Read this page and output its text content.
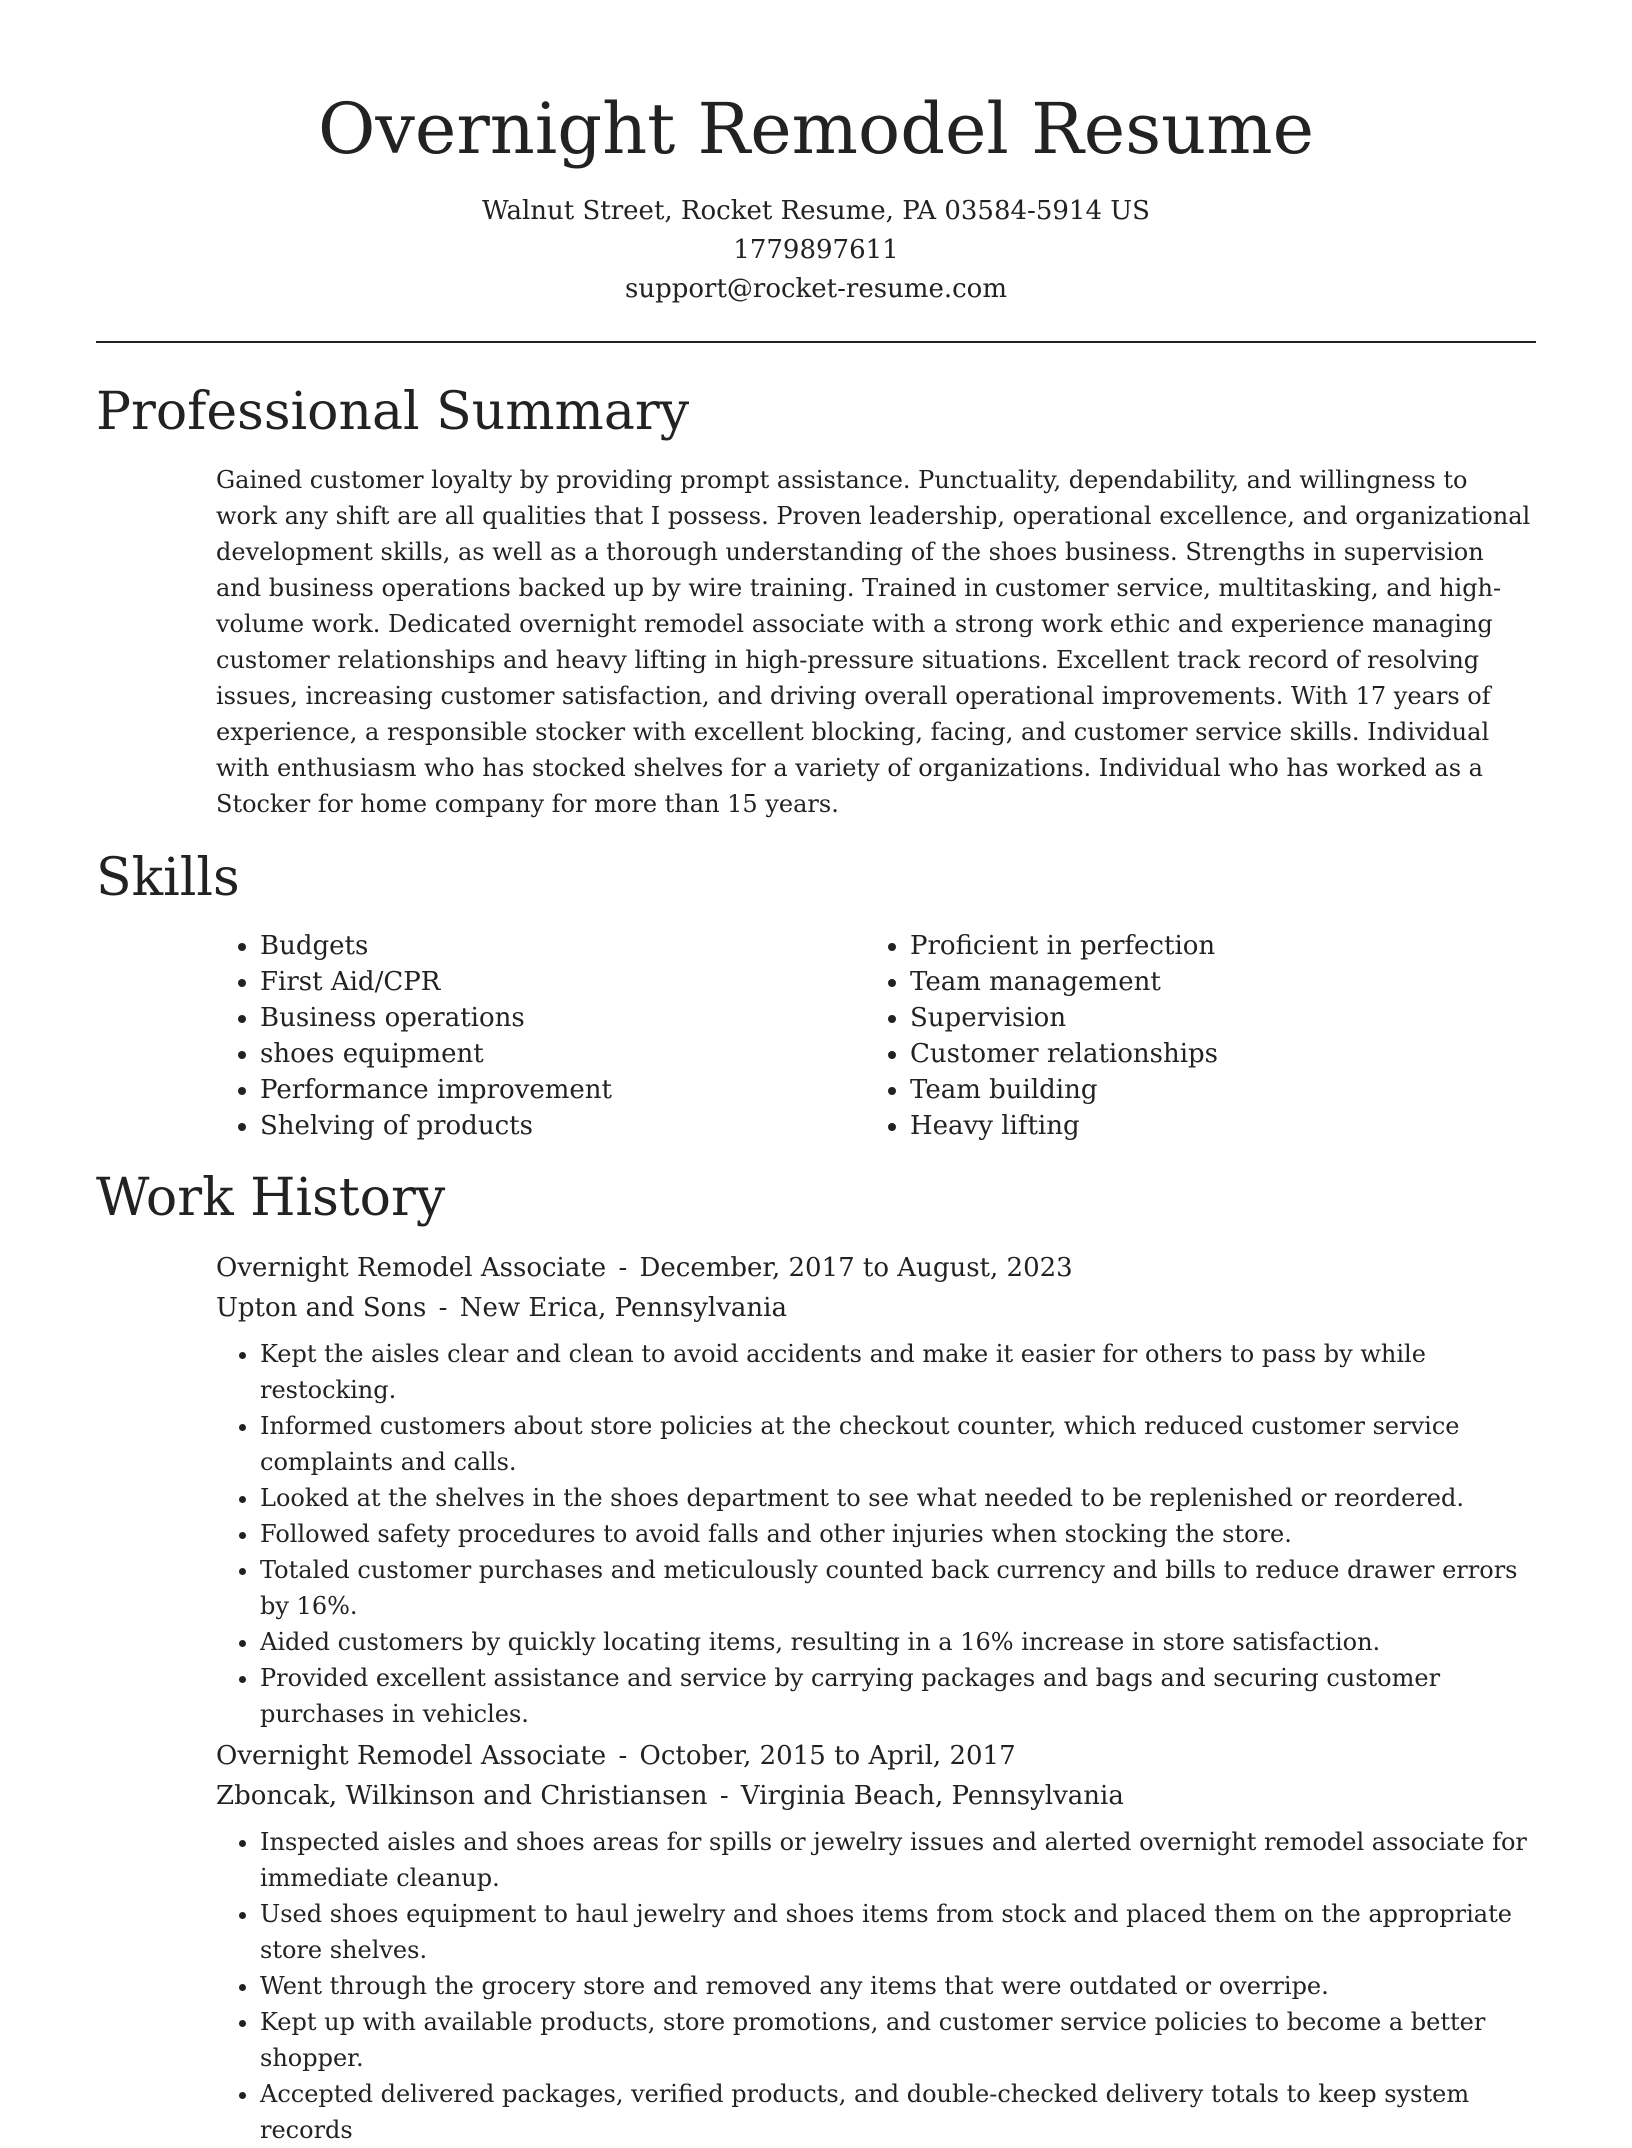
Overnight Remodel Resume
Walnut Street, Rocket Resume, PA 03584-5914 US
1779897611
support@rocket-resume.com
Professional Summary

Gained customer loyalty by providing prompt assistance. Punctuality, dependability, and willingness to work any shift are all qualities that I possess. Proven leadership, operational excellence, and organizational development skills, as well as a thorough understanding of the shoes business. Strengths in supervision and business operations backed up by wire training. Trained in customer service, multitasking, and high-volume work. Dedicated overnight remodel associate with a strong work ethic and experience managing customer relationships and heavy lifting in high-pressure situations. Excellent track record of resolving issues, increasing customer satisfaction, and driving overall operational improvements. With 17 years of experience, a responsible stocker with excellent blocking, facing, and customer service skills. Individual with enthusiasm who has stocked shelves for a variety of organizations. Individual who has worked as a Stocker for home company for more than 15 years.

Skills
• Budgets
• First Aid/CPR
• Business operations
• shoes equipment
• Performance improvement
• Shelving of products
• Proficient in perfection
• Team management
• Supervision
• Customer relationships
• Team building
• Heavy lifting
Work History
Overnight Remodel Associate - December, 2017 to August, 2023
Upton and Sons - New Erica, Pennsylvania
• Kept the aisles clear and clean to avoid accidents and make it easier for others to pass by while restocking.
• Informed customers about store policies at the checkout counter, which reduced customer service complaints and calls.
• Looked at the shelves in the shoes department to see what needed to be replenished or reordered.
• Followed safety procedures to avoid falls and other injuries when stocking the store.
• Totaled customer purchases and meticulously counted back currency and bills to reduce drawer errors by 16%.
• Aided customers by quickly locating items, resulting in a 16% increase in store satisfaction.
• Provided excellent assistance and service by carrying packages and bags and securing customer purchases in vehicles.
Overnight Remodel Associate - October, 2015 to April, 2017
Zboncak, Wilkinson and Christiansen - Virginia Beach, Pennsylvania
• Inspected aisles and shoes areas for spills or jewelry issues and alerted overnight remodel associate for immediate cleanup.
• Used shoes equipment to haul jewelry and shoes items from stock and placed them on the appropriate store shelves.
• Went through the grocery store and removed any items that were outdated or overripe.
• Kept up with available products, store promotions, and customer service policies to become a better shopper.
• Accepted delivered packages, verified products, and double-checked delivery totals to keep system records
